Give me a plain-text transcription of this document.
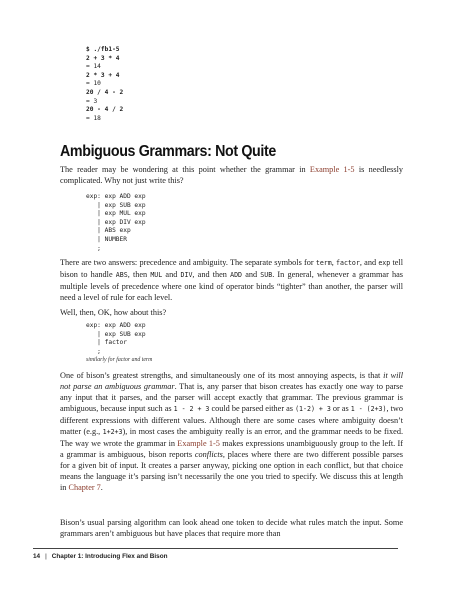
$ ./fb1-5
2 + 3 * 4
= 14
2 * 3 + 4
= 10
20 / 4 - 2
= 3
20 - 4 / 2
= 18
Ambiguous Grammars: Not Quite

The reader may be wondering at this point whether the grammar in Example 1-5 is needlessly complicated. Why not just write this?

exp: exp ADD exp
| exp SUB exp
| exp MUL exp
| exp DIV exp
| ABS exp
| NUMBER
;

There are two answers: precedence and ambiguity. The separate symbols for term, factor, and exp tell bison to handle ABS, then MUL and DIV, and then ADD and SUB. In general, whenever a grammar has multiple levels of precedence where one kind of operator binds “tighter” than another, the parser will need a level of rule for each level.

Well, then, OK, how about this?

exp: exp ADD exp
| exp SUB exp
| factor
;

similarly for factor and term

One of bison’s greatest strengths, and simultaneously one of its most annoying aspects, is that it will not parse an ambiguous grammar. That is, any parser that bison creates has exactly one way to parse any input that it parses, and the parser will accept exactly that grammar. The previous grammar is ambiguous, because input such as 1 - 2 + 3 could be parsed either as (1-2) + 3 or as 1 - (2+3), two different expressions with different values. Although there are some cases where ambiguity doesn’t matter (e.g., 1+2+3), in most cases the ambiguity really is an error, and the grammar needs to be fixed. The way we wrote the grammar in Example 1-5 makes expressions unambiguously group to the left. If a grammar is ambiguous, bison reports conflicts, places where there are two different possible parses for a given bit of input. It creates a parser anyway, picking one option in each conflict, but that choice means the language it’s parsing isn’t necessarily the one you tried to specify. We discuss this at length in Chapter 7.

Bison’s usual parsing algorithm can look ahead one token to decide what rules match the input. Some grammars aren’t ambiguous but have places that require more than

14 | Chapter 1: Introducing Flex and Bison
